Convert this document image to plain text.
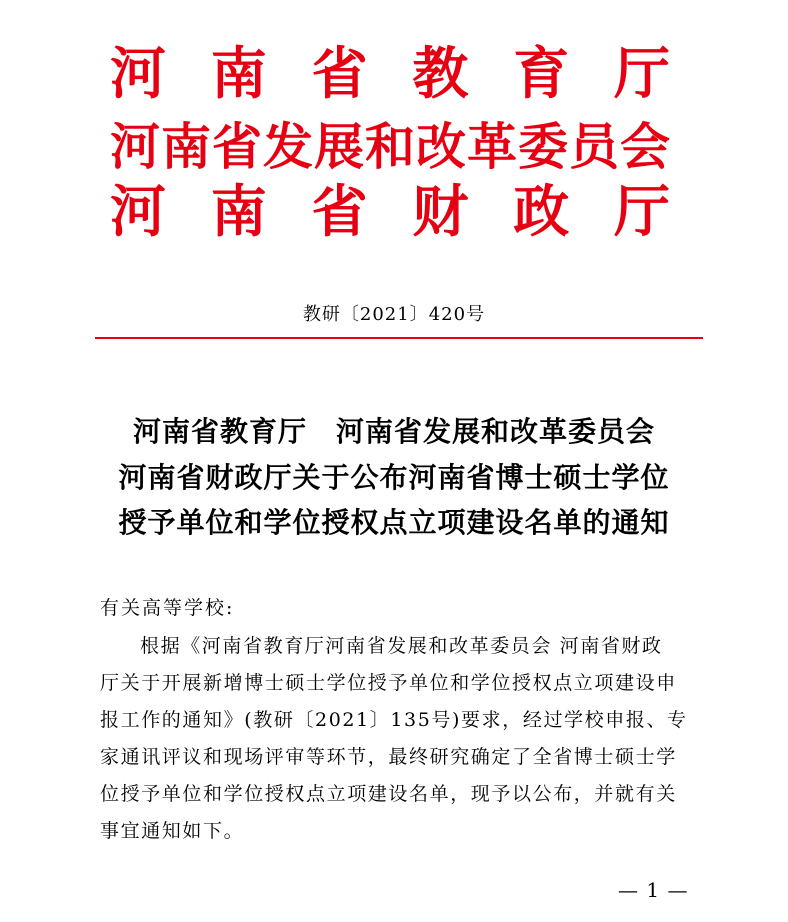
河 南 省 教 育 厅
河 南 省 发 展 和 改 革 委 员 会
河 南 省 财 政 厅
教研〔2021〕420号
河南省教育厅　河南省发展和改革委员会
河南省财政厅关于公布河南省博士硕士学位
授予单位和学位授权点立项建设名单的通知
有关高等学校:
根据《河南省教育厅河南省发展和改革委员会 河南省财政
厅关于开展新增博士硕士学位授予单位和学位授权点立项建设申
报工作的通知》(教研〔2021〕135号)要求，经过学校申报、专
家通讯评议和现场评审等环节，最终研究确定了全省博士硕士学
位授予单位和学位授权点立项建设名单，现予以公布，并就有关
事宜通知如下。
— 1 —
